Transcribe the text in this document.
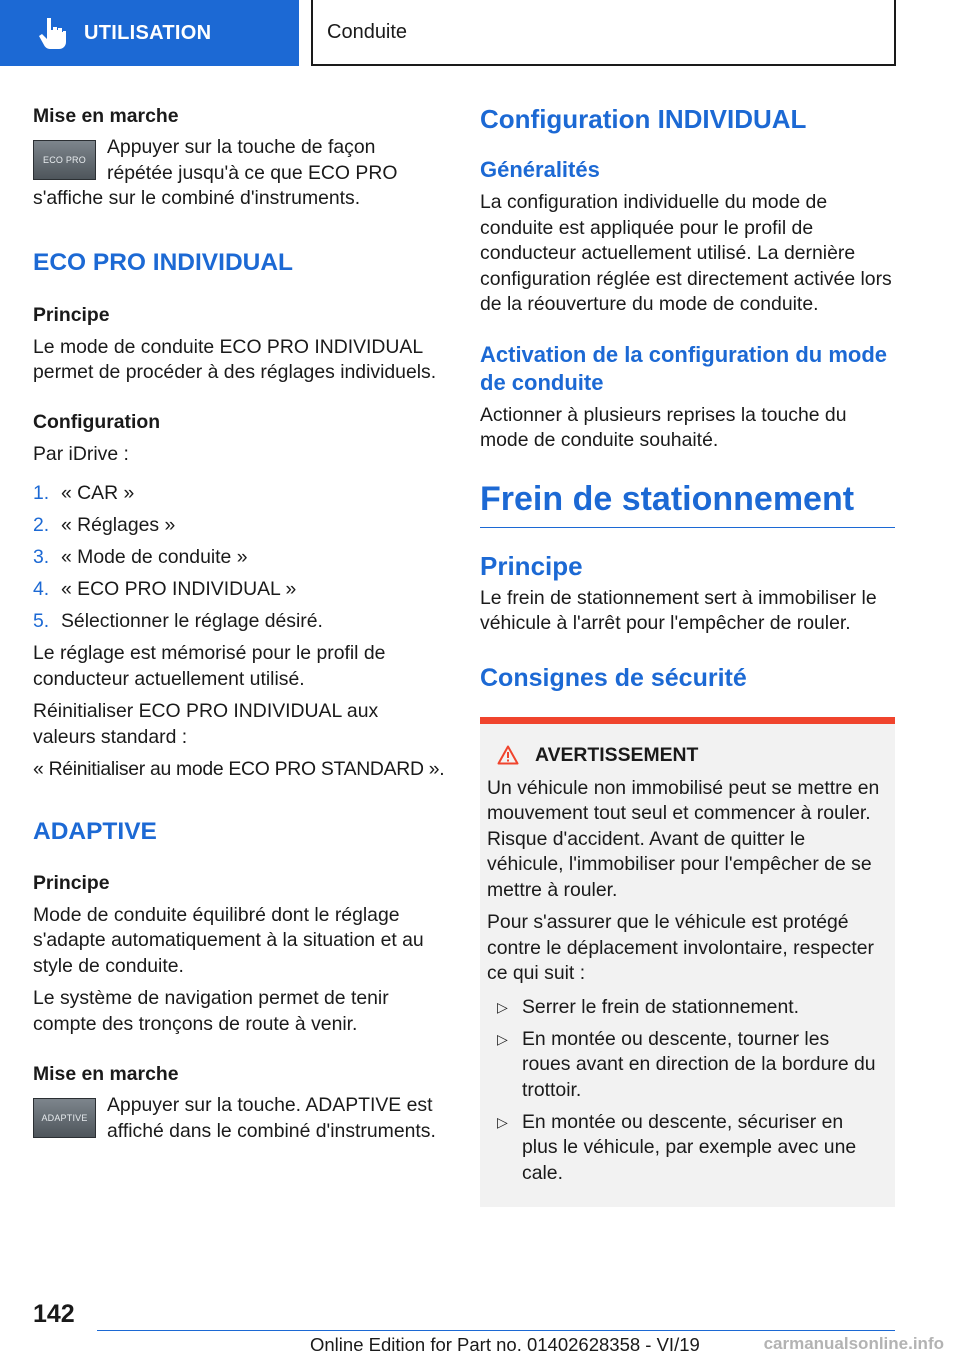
UTILISATION	Conduite
Mise en marche
ECO PRO
Appuyer sur la touche de façon répétée jusqu'à ce que ECO PRO s'affiche sur le combiné d'instruments.
ECO PRO INDIVIDUAL
Principe
Le mode de conduite ECO PRO INDIVIDUAL permet de procéder à des réglages individuels.
Configuration
Par iDrive :
1. « CAR »
2. « Réglages »
3. « Mode de conduite »
4. « ECO PRO INDIVIDUAL »
5. Sélectionner le réglage désiré.
Le réglage est mémorisé pour le profil de conducteur actuellement utilisé.
Réinitialiser ECO PRO INDIVIDUAL aux valeurs standard :
« Réinitialiser au mode ECO PRO STANDARD ».
ADAPTIVE
Principe
Mode de conduite équilibré dont le réglage s'adapte automatiquement à la situation et au style de conduite.
Le système de navigation permet de tenir compte des tronçons de route à venir.
Mise en marche
ADAPTIVE
Appuyer sur la touche. ADAPTIVE est affiché dans le combiné d'instruments.
Configuration INDIVIDUAL
Généralités
La configuration individuelle du mode de conduite est appliquée pour le profil de conducteur actuellement utilisé. La dernière configuration réglée est directement activée lors de la réouverture du mode de conduite.
Activation de la configuration du mode de conduite
Actionner à plusieurs reprises la touche du mode de conduite souhaité.
Frein de stationnement
Principe
Le frein de stationnement sert à immobiliser le véhicule à l'arrêt pour l'empêcher de rouler.
Consignes de sécurité
AVERTISSEMENT
Un véhicule non immobilisé peut se mettre en mouvement tout seul et commencer à rouler. Risque d'accident. Avant de quitter le véhicule, l'immobiliser pour l'empêcher de se mettre à rouler.
Pour s'assurer que le véhicule est protégé contre le déplacement involontaire, respecter ce qui suit :
▷ Serrer le frein de stationnement.
▷ En montée ou descente, tourner les roues avant en direction de la bordure du trottoir.
▷ En montée ou descente, sécuriser en plus le véhicule, par exemple avec une cale.
142
Online Edition for Part no. 01402628358 - VI/19	carmanualsonline.info
